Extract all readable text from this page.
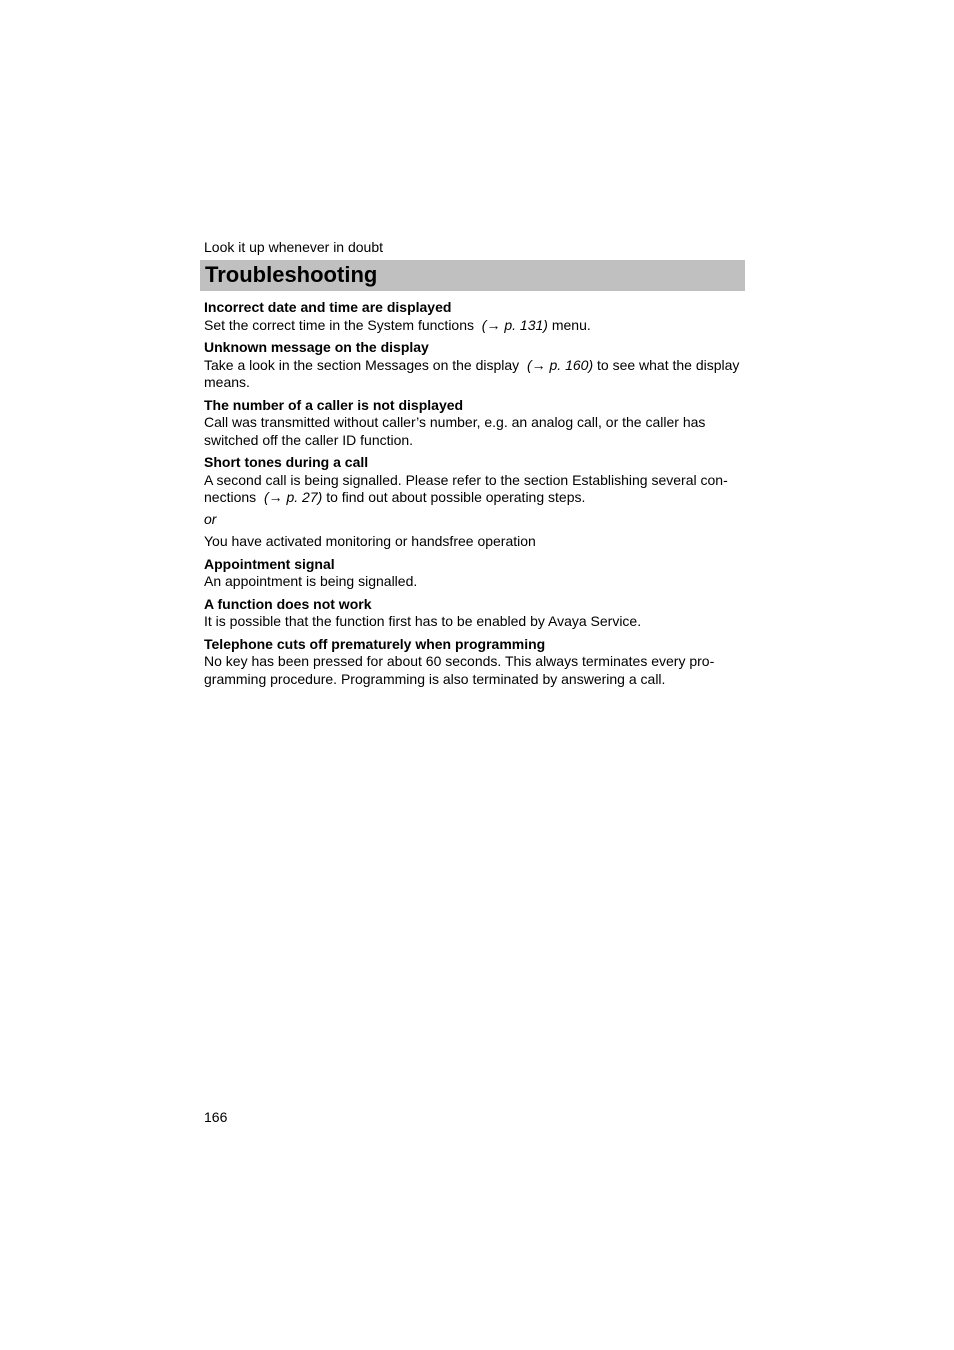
Look it up whenever in doubt
Troubleshooting

Incorrect date and time are displayed

Set the correct time in the System functions (→ p. 131) menu.

Unknown message on the display

Take a look in the section Messages on the display (→ p. 160) to see what the display means.

The number of a caller is not displayed

Call was transmitted without caller’s number, e.g. an analog call, or the caller has switched off the caller ID function.

Short tones during a call

A second call is being signalled. Please refer to the section Establishing several con-nections (→ p. 27) to find out about possible operating steps.

or

You have activated monitoring or handsfree operation

Appointment signal

An appointment is being signalled.

A function does not work

It is possible that the function first has to be enabled by Avaya Service.

Telephone cuts off prematurely when programming

No key has been pressed for about 60 seconds. This always terminates every pro-gramming procedure. Programming is also terminated by answering a call.

166
